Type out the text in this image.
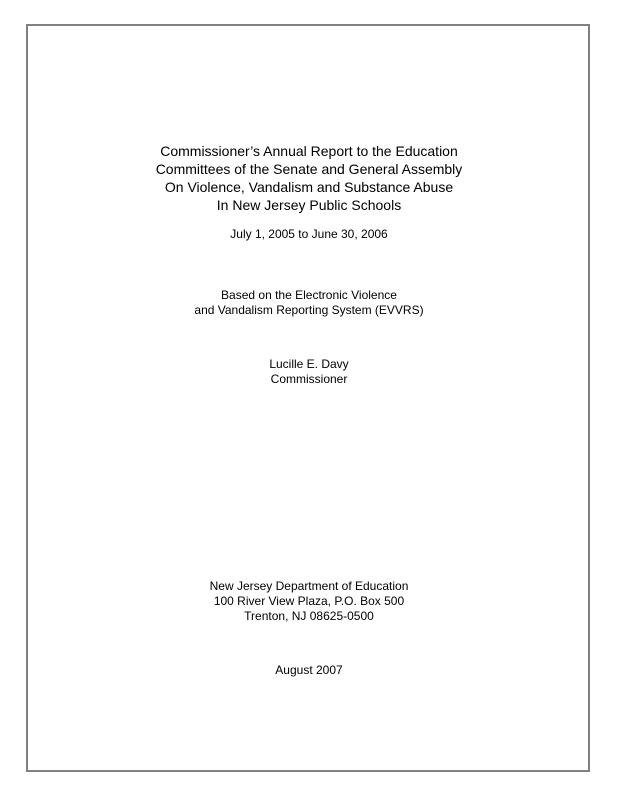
Commissioner’s Annual Report to the Education
Committees of the Senate and General Assembly
On Violence, Vandalism and Substance Abuse
In New Jersey Public Schools
July 1, 2005 to June 30, 2006
Based on the Electronic Violence
and Vandalism Reporting System (EVVRS)
Lucille E. Davy
Commissioner
New Jersey Department of Education
100 River View Plaza, P.O. Box 500
Trenton, NJ 08625-0500
August 2007
